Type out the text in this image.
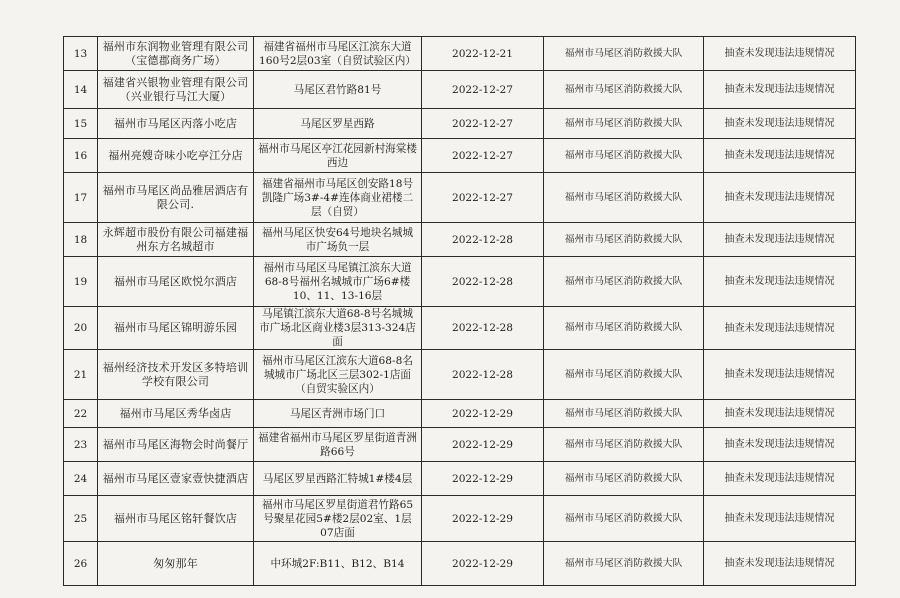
13	福州市东润物业管理有限公司（宝德郡商务广场）	福建省福州市马尾区江滨东大道160号2层03室（自贸试验区内）	2022-12-21	福州市马尾区消防救援大队	抽查未发现违法违规情况
14	福建省兴银物业管理有限公司（兴业银行马江大厦）	马尾区君竹路81号	2022-12-27	福州市马尾区消防救援大队	抽查未发现违法违规情况
15	福州市马尾区丙落小吃店	马尾区罗星西路	2022-12-27	福州市马尾区消防救援大队	抽查未发现违法违规情况
16	福州亮嫂奇味小吃亭江分店	福州市马尾区亭江花园新村海棠楼西边	2022-12-27	福州市马尾区消防救援大队	抽查未发现违法违规情况
17	福州市马尾区尚品雅居酒店有限公司.	福建省福州市马尾区创安路18号凯隆广场3#-4#连体商业裙楼二层（自贸）	2022-12-27	福州市马尾区消防救援大队	抽查未发现违法违规情况
18	永辉超市股份有限公司福建福州东方名城超市	福州马尾区快安64号地块名城城市广场负一层	2022-12-28	福州市马尾区消防救援大队	抽查未发现违法违规情况
19	福州市马尾区欧悦尔酒店	福州市马尾区马尾镇江滨东大道68-8号福州名城城市广场6#楼10、11、13-16层	2022-12-28	福州市马尾区消防救援大队	抽查未发现违法违规情况
20	福州市马尾区锦明游乐园	马尾镇江滨东大道68-8号名城城市广场北区商业楼3层313-324店面	2022-12-28	福州市马尾区消防救援大队	抽查未发现违法违规情况
21	福州经济技术开发区多特培训学校有限公司	福州市马尾区江滨东大道68-8名城城市广场北区三层302-1店面（自贸实验区内）	2022-12-28	福州市马尾区消防救援大队	抽查未发现违法违规情况
22	福州市马尾区秀华卤店	马尾区青洲市场门口	2022-12-29	福州市马尾区消防救援大队	抽查未发现违法违规情况
23	福州市马尾区海物会时尚餐厅	福建省福州市马尾区罗星街道青洲路66号	2022-12-29	福州市马尾区消防救援大队	抽查未发现违法违规情况
24	福州市马尾区壹家壹快捷酒店	马尾区罗星西路汇特城1#楼4层	2022-12-29	福州市马尾区消防救援大队	抽查未发现违法违规情况
25	福州市马尾区铭轩餐饮店	福州市马尾区罗星街道君竹路65号聚星花园5#楼2层02室、1层07店面	2022-12-29	福州市马尾区消防救援大队	抽查未发现违法违规情况
26	匆匆那年	中环城2F:B11、B12、B14	2022-12-29	福州市马尾区消防救援大队	抽查未发现违法违规情况
